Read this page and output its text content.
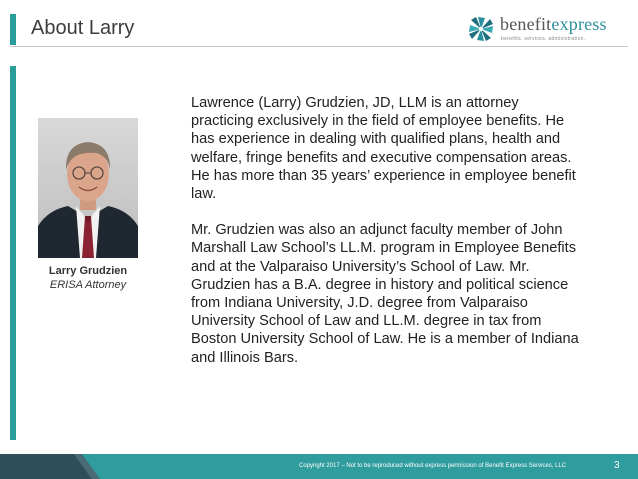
About Larry	benefitexpress
benefits. services. administration.
Larry Grudzien
ERISA Attorney

Lawrence (Larry) Grudzien, JD, LLM is an attorney practicing exclusively in the field of employee benefits. He has experience in dealing with qualified plans, health and welfare, fringe benefits and executive compensation areas. He has more than 35 years’ experience in employee benefit law.

Mr. Grudzien was also an adjunct faculty member of John Marshall Law School’s LL.M. program in Employee Benefits and at the Valparaiso University’s School of Law. Mr. Grudzien has a B.A. degree in history and political science from Indiana University, J.D. degree from Valparaiso University School of Law and LL.M. degree in tax from Boston University School of Law. He is a member of Indiana and Illinois Bars.

Copyright 2017 – Not to be reproduced without express permission of Benefit Express Services, LLC	3
